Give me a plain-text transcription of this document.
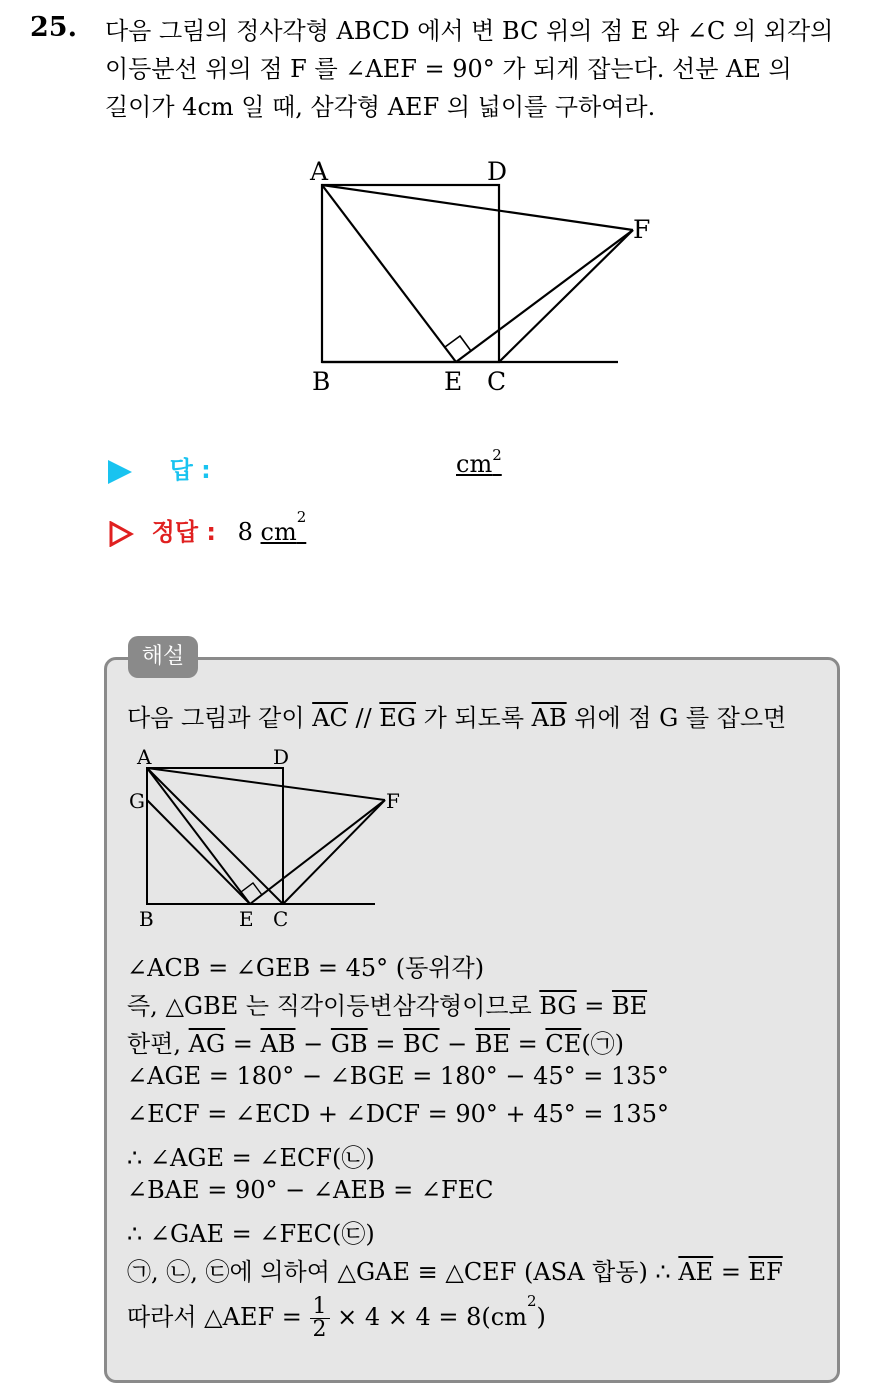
25. 다음 그림의 정사각형 ABCD 에서 변 BC 위의 점 E 와 ∠C 의 외각의
이등분선 위의 점 F 를 ∠AEF = 90° 가 되게 잡는다. 선분 AE 의
길이가 4cm 일 때, 삼각형 AEF 의 넓이를 구하여라.
A	D
F
B	E C
답 :	$cm^2$
정답 : 8 $cm^2$
다음 그림과 같이 $\overline{AC} // \overline{EG}$ 가 되도록 $\overline{AB}$ 위에 점 G 를 잡으면
A	D
G	F
B	E C
∠ACB = ∠GEB = 45° (동위각)
즉, △GBE 는 직각이등변삼각형이므로 $\overline{BG} = \overline{BE}$
한편, $\overline{AG} = \overline{AB} - \overline{GB} = \overline{BC} - \overline{BE}$ = $\overline{CE}(㉠)$
∠AGE = 180° − ∠BGE = 180° − 45° = 135°
∠ECF = ∠ECD + ∠DCF = 90° + 45° = 135°
∴ ∠AGE = ∠ECF(㉡)
∠BAE = 90° − ∠AEB = ∠FEC
∴ ∠GAE = ∠FEC(㉢)
㉠, ㉡, ㉢에 의하여 △GAE ≡ △CEF (ASA 합동) ∴ $\overline{AE} = \overline{EF}$
따라서 △AEF = $\frac{1}{2} \times 4 \times 4 = 8(cm^2)$
해설
